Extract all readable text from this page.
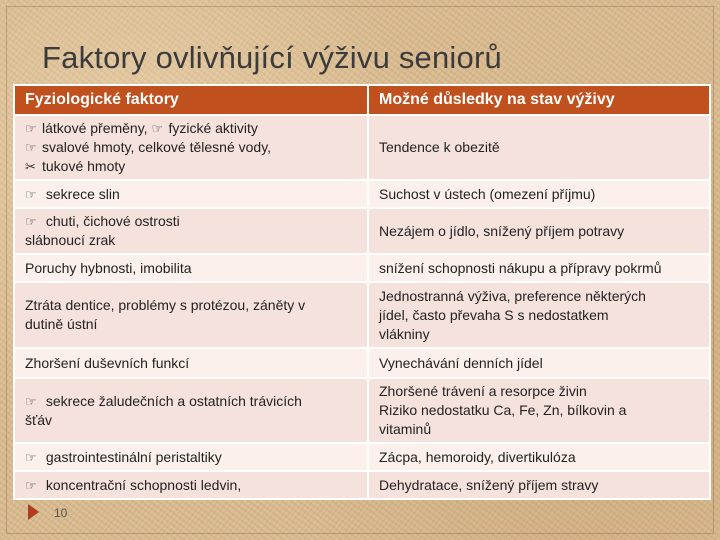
Faktory ovlivňující výživu seniorů
Fyziologické faktory	Možné důsledky na stav výživy

☞ látkové přeměny, ☞ fyzické aktivity
☞ svalové hmoty, celkové tělesné vody,
✂ tukové hmoty	Tendence k obezitě

☞ sekrece slin	Suchost v ústech (omezení příjmu)

☞ chuti, čichové ostrosti
slábnoucí zrak	Nezájem o jídlo, snížený příjem potravy

Poruchy hybnosti, imobilita	snížení schopnosti nákupu a přípravy pokrmů

Ztráta dentice, problémy s protézou, záněty v
dutině ústní	Jednostranná výživa, preference některých
jídel, často převaha S s nedostatkem
vlákniny

Zhoršení duševních funkcí	Vynechávání denních jídel

☞ sekrece žaludečních a ostatních trávicích
šťáv	Zhoršené trávení a resorpce živin
Riziko nedostatku Ca, Fe, Zn, bílkovin a
vitaminů

☞ gastrointestinální peristaltiky	Zácpa, hemoroidy, divertikulóza

☞ koncentrační schopnosti ledvin,	Dehydratace, snížený příjem stravy
10
